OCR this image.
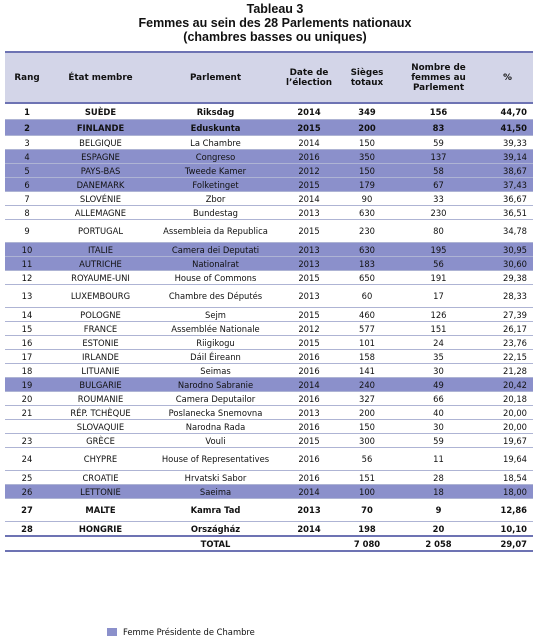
Tableau 3
Femmes au sein des 28 Parlements nationaux
(chambres basses ou uniques)
Rang	État membre	Parlement	Date de l’élection	Sièges totaux	Nombre de femmes au Parlement	%
1	SUÈDE	Riksdag	2014	349	156	44,70
2	FINLANDE	Eduskunta	2015	200	83	41,50
3	BELGIQUE	La Chambre	2014	150	59	39,33
4	ESPAGNE	Congreso	2016	350	137	39,14
5	PAYS-BAS	Tweede Kamer	2012	150	58	38,67
6	DANEMARK	Folketinget	2015	179	67	37,43
7	SLOVÉNIE	Zbor	2014	90	33	36,67
8	ALLEMAGNE	Bundestag	2013	630	230	36,51
9	PORTUGAL	Assembleia da Republica	2015	230	80	34,78
10	ITALIE	Camera dei Deputati	2013	630	195	30,95
11	AUTRICHE	Nationalrat	2013	183	56	30,60
12	ROYAUME-UNI	House of Commons	2015	650	191	29,38
13	LUXEMBOURG	Chambre des Députés	2013	60	17	28,33
14	POLOGNE	Sejm	2015	460	126	27,39
15	FRANCE	Assemblée Nationale	2012	577	151	26,17
16	ESTONIE	Riigikogu	2015	101	24	23,76
17	IRLANDE	Dáil Éireann	2016	158	35	22,15
18	LITUANIE	Seimas	2016	141	30	21,28
19	BULGARIE	Narodno Sabranie	2014	240	49	20,42
20	ROUMANIE	Camera Deputailor	2016	327	66	20,18
21	RÉP. TCHÈQUE	Poslanecka Snemovna	2013	200	40	20,00
	SLOVAQUIE	Narodna Rada	2016	150	30	20,00
23	GRÈCE	Vouli	2015	300	59	19,67
24	CHYPRE	House of Representatives	2016	56	11	19,64
25	CROATIE	Hrvatski Sabor	2016	151	28	18,54
26	LETTONIE	Saeima	2014	100	18	18,00
27	MALTE	Kamra Tad	2013	70	9	12,86
28	HONGRIE	Országház	2014	198	20	10,10
		TOTAL		7 080	2 058	29,07
Femme Présidente de Chambre
